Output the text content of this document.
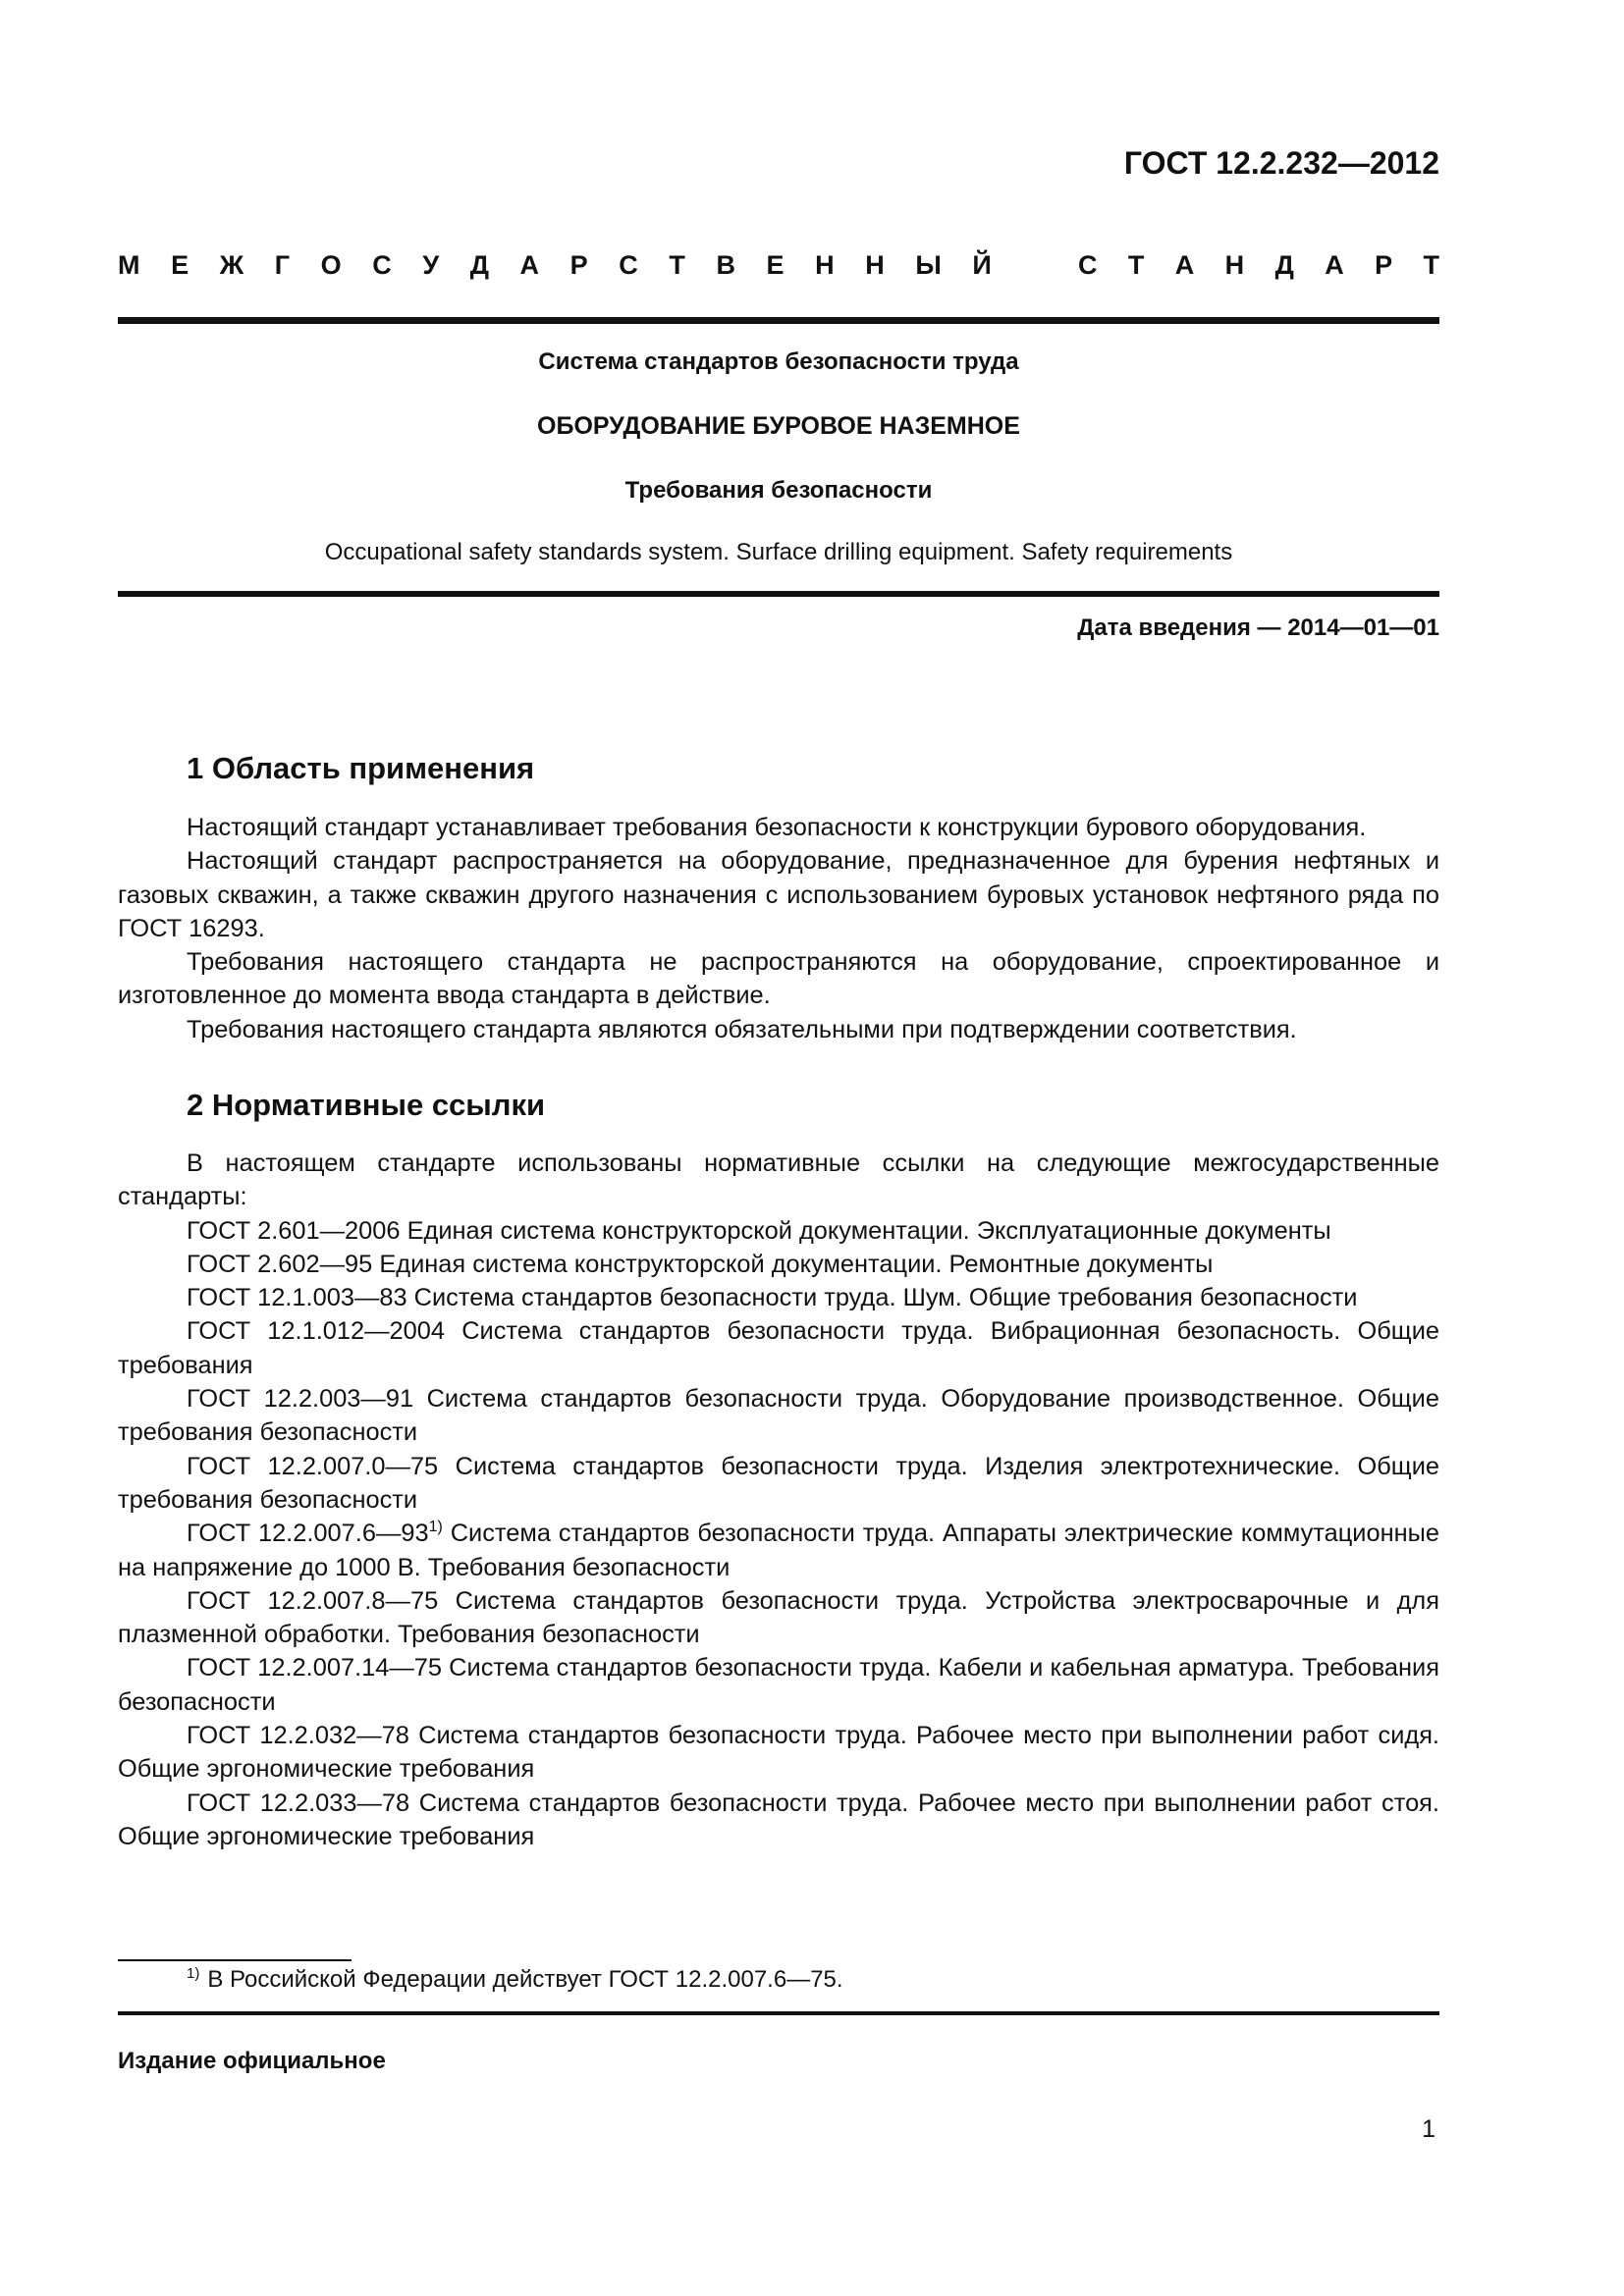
ГОСТ 12.2.232—2012
М Е Ж Г О С У Д А Р С Т В Е Н Н Ы Й	С Т А Н Д А Р Т
Система стандартов безопасности труда
ОБОРУДОВАНИЕ БУРОВОЕ НАЗЕМНОЕ
Требования безопасности
Occupational safety standards system. Surface drilling equipment. Safety requirements
Дата введения — 2014—01—01
1 Область применения

Настоящий стандарт устанавливает требования безопасности к конструкции бурового оборудования.

Настоящий стандарт распространяется на оборудование, предназначенное для бурения нефтяных и газовых скважин, а также скважин другого назначения с использованием буровых установок нефтяного ряда по ГОСТ 16293.

Требования настоящего стандарта не распространяются на оборудование, спроектированное и изготовленное до момента ввода стандарта в действие.

Требования настоящего стандарта являются обязательными при подтверждении соответствия.

2 Нормативные ссылки

В настоящем стандарте использованы нормативные ссылки на следующие межгосударственные стандарты:

ГОСТ 2.601—2006 Единая система конструкторской документации. Эксплуатационные документы

ГОСТ 2.602—95 Единая система конструкторской документации. Ремонтные документы

ГОСТ 12.1.003—83 Система стандартов безопасности труда. Шум. Общие требования безопасности

ГОСТ 12.1.012—2004 Система стандартов безопасности труда. Вибрационная безопасность. Общие требования

ГОСТ 12.2.003—91 Система стандартов безопасности труда. Оборудование производственное. Общие требования безопасности

ГОСТ 12.2.007.0—75 Система стандартов безопасности труда. Изделия электротехнические. Общие требования безопасности

ГОСТ 12.2.007.6—93$^{1)}$ Система стандартов безопасности труда. Аппараты электрические коммутационные на напряжение до 1000 В. Требования безопасности

ГОСТ 12.2.007.8—75 Система стандартов безопасности труда. Устройства электросварочные и для плазменной обработки. Требования безопасности

ГОСТ 12.2.007.14—75 Система стандартов безопасности труда. Кабели и кабельная арматура. Требования безопасности

ГОСТ 12.2.032—78 Система стандартов безопасности труда. Рабочее место при выполнении работ сидя. Общие эргономические требования

ГОСТ 12.2.033—78 Система стандартов безопасности труда. Рабочее место при выполнении работ стоя. Общие эргономические требования

$^{1)}$ В Российской Федерации действует ГОСТ 12.2.007.6—75.
Издание официальное
1
